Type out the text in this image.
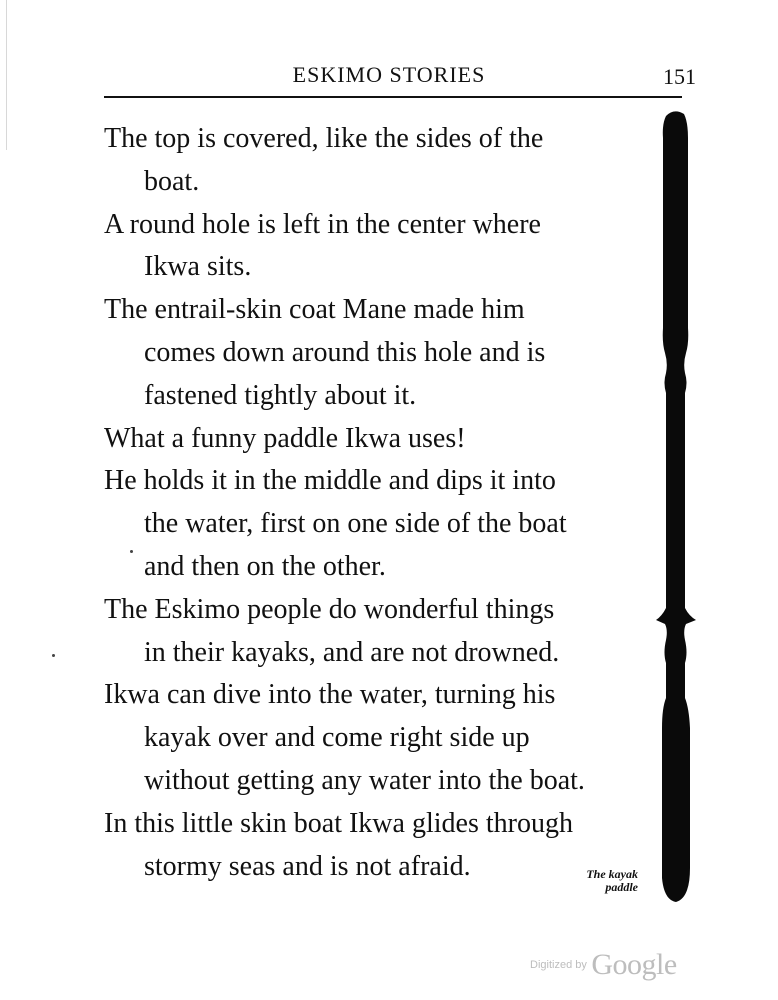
ESKIMO STORIES	151
The top is covered, like the sides of the
boat.
A round hole is left in the center where
Ikwa sits.
The entrail-skin coat Mane made him
comes down around this hole and is
fastened tightly about it.
What a funny paddle Ikwa uses!
He holds it in the middle and dips it into
the water, first on one side of the boat
and then on the other.
The Eskimo people do wonderful things
in their kayaks, and are not drowned.
Ikwa can dive into the water, turning his
kayak over and come right side up
without getting any water into the boat.
In this little skin boat Ikwa glides through
stormy seas and is not afraid.	The kayak
paddle
Digitized by Google
